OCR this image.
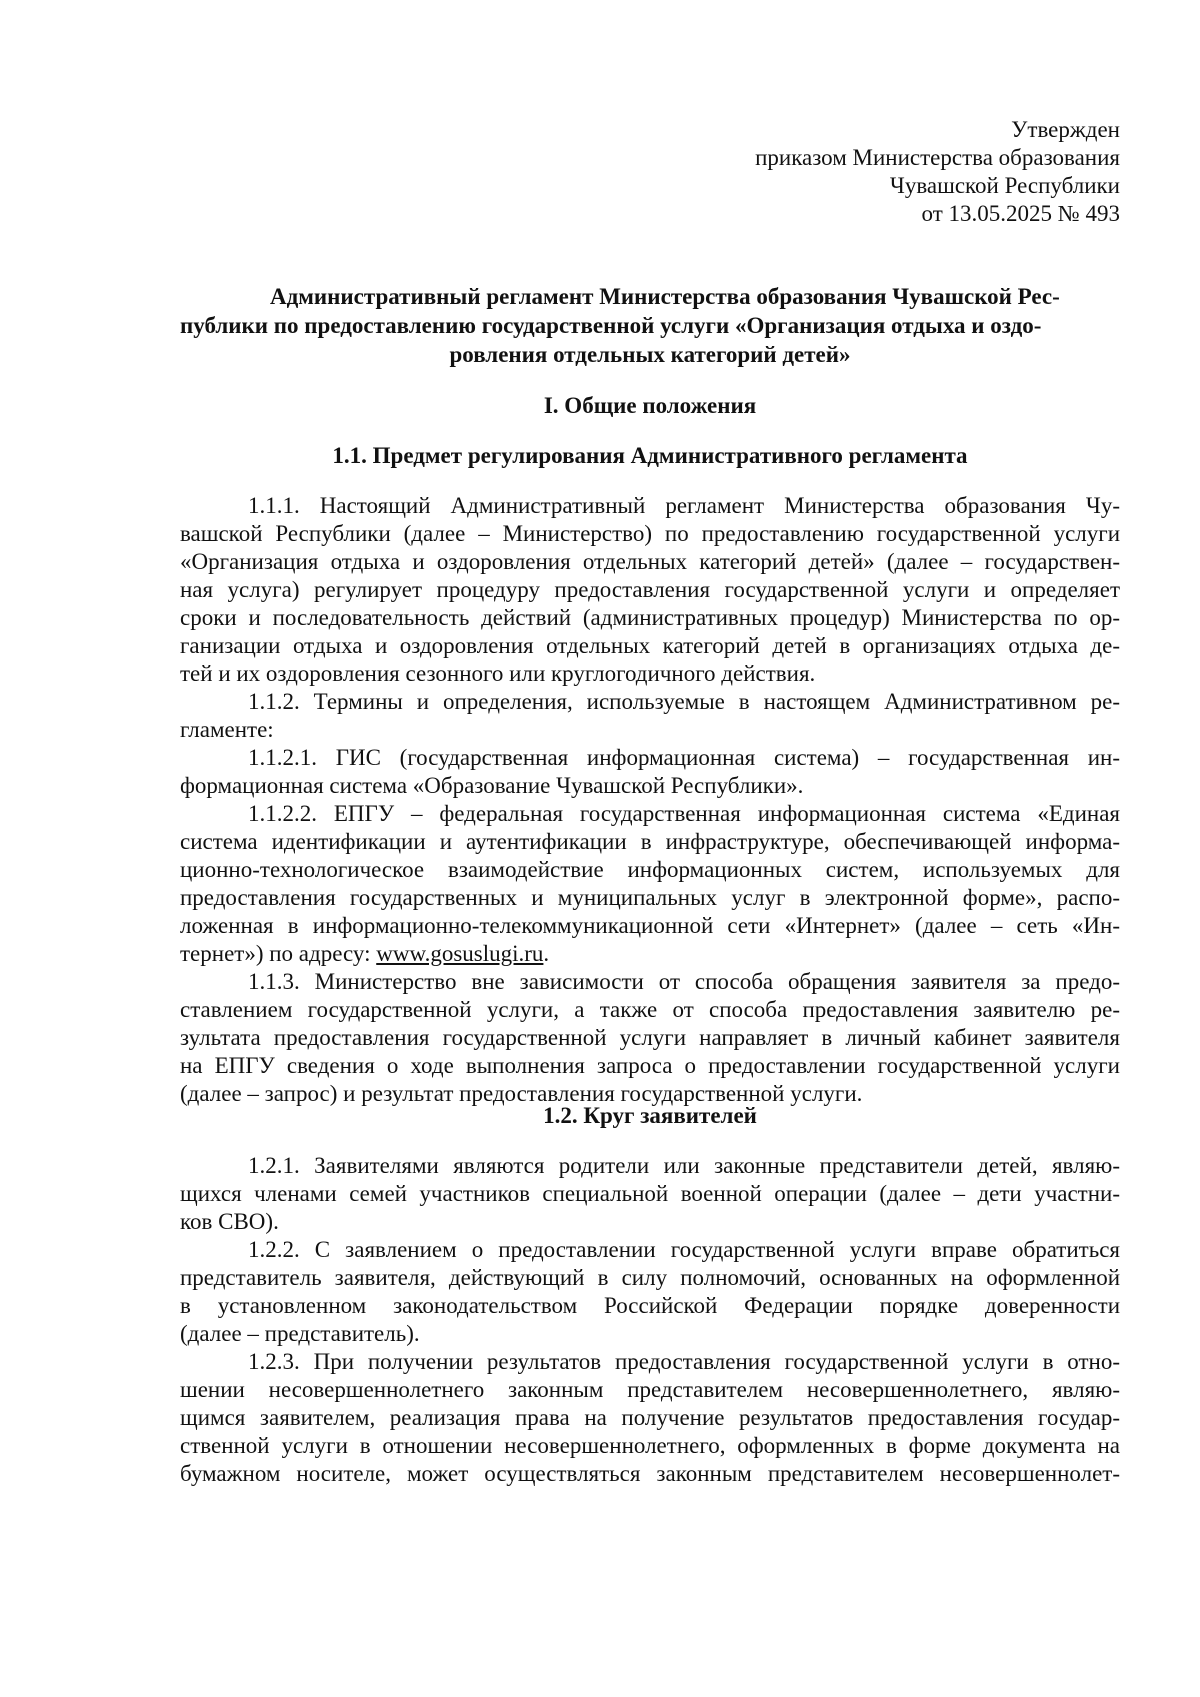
Утвержден
приказом Министерства образования
Чувашской Республики
от 13.05.2025 № 493
Административный регламент Министерства образования Чувашской Рес-
публики по предоставлению государственной услуги «Организация отдыха и оздо-
ровления отдельных категорий детей»
I. Общие положения
1.1. Предмет регулирования Административного регламента
1.1.1. Настоящий Административный регламент Министерства образования Чу-
вашской Республики (далее – Министерство) по предоставлению государственной услуги
«Организация отдыха и оздоровления отдельных категорий детей» (далее – государствен-
ная услуга) регулирует процедуру предоставления государственной услуги и определяет
сроки и последовательность действий (административных процедур) Министерства по ор-
ганизации отдыха и оздоровления отдельных категорий детей в организациях отдыха де-
тей и их оздоровления сезонного или круглогодичного действия.
1.1.2. Термины и определения, используемые в настоящем Административном ре-
гламенте:
1.1.2.1. ГИС (государственная информационная система) – государственная ин-
формационная система «Образование Чувашской Республики».
1.1.2.2. ЕПГУ – федеральная государственная информационная система «Единая
система идентификации и аутентификации в инфраструктуре, обеспечивающей информа-
ционно-технологическое взаимодействие информационных систем, используемых для
предоставления государственных и муниципальных услуг в электронной форме», распо-
ложенная в информационно-телекоммуникационной сети «Интернет» (далее – сеть «Ин-
тернет») по адресу: www.gosuslugi.ru.
1.1.3. Министерство вне зависимости от способа обращения заявителя за предо-
ставлением государственной услуги, а также от способа предоставления заявителю ре-
зультата предоставления государственной услуги направляет в личный кабинет заявителя
на ЕПГУ сведения о ходе выполнения запроса о предоставлении государственной услуги
(далее – запрос) и результат предоставления государственной услуги.
1.2. Круг заявителей
1.2.1. Заявителями являются родители или законные представители детей, являю-
щихся членами семей участников специальной военной операции (далее – дети участни-
ков СВО).
1.2.2. С заявлением о предоставлении государственной услуги вправе обратиться
представитель заявителя, действующий в силу полномочий, основанных на оформленной
в установленном законодательством Российской Федерации порядке доверенности
(далее – представитель).
1.2.3. При получении результатов предоставления государственной услуги в отно-
шении несовершеннолетнего законным представителем несовершеннолетнего, являю-
щимся заявителем, реализация права на получение результатов предоставления государ-
ственной услуги в отношении несовершеннолетнего, оформленных в форме документа на
бумажном носителе, может осуществляться законным представителем несовершеннолет-
